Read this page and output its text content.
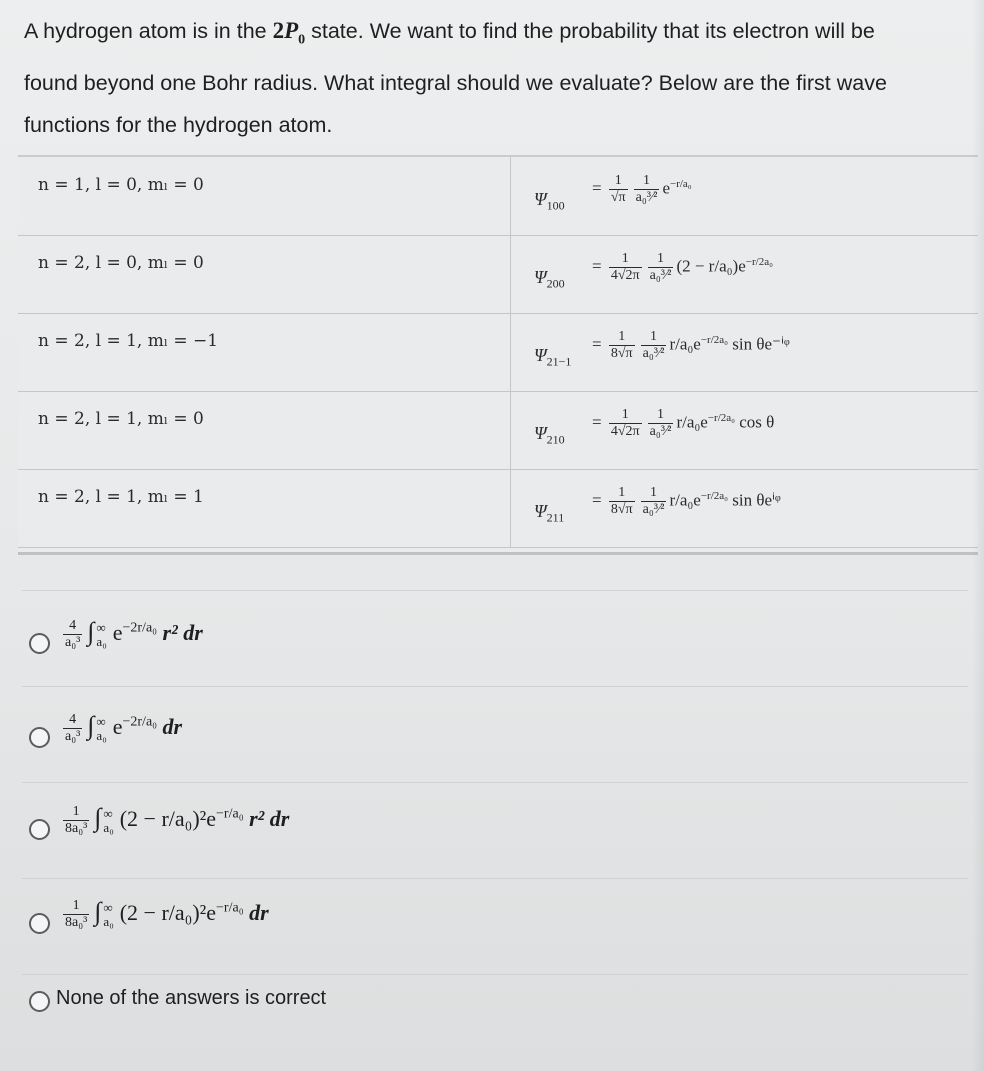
A hydrogen atom is in the $2P_0$ state. We want to find the probability that its electron will be found beyond one Bohr radius. What integral should we evaluate? Below are the first wave functions for the hydrogen atom.

n = 1, l = 0, mₗ = 0
$\Psi_{100}$
= $\frac{1}{√\pi} \frac{1}{\text{a₀³⁄²}} e^{-r/a_0}$
n = 2, l = 0, mₗ = 0
$\Psi_{200}$
= $\frac{1}{4√2\pi} \frac{1}{\text{a₀³⁄²}} (2 - r/a_0)e^{-r/2a_0}$
n = 2, l = 1, mₗ = −1
$\Psi_{21-1}$
= $\frac{1}{8√\pi} \frac{1}{\text{a₀³⁄²}} r/a_0e^{-r/2a_0}$ sin θe⁻ⁱᵠ
n = 2, l = 1, mₗ = 0
$\Psi_{210}$
= $\frac{1}{4√2\pi} \frac{1}{\text{a₀³⁄²}} r/a_0e^{-r/2a_0}$ cos θ
n = 2, l = 1, mₗ = 1
$\Psi_{211}$
= $\frac{1}{8√\pi} \frac{1}{\text{a₀³⁄²}} r/a_0e^{-r/2a_0}$ sin θeⁱᵠ
$\frac{4}{\text{a₀³}}$ ∫ ∞
a₀ $e^{-2r/a_0}$ r² dr
$\frac{4}{\text{a₀³}}$ ∫ ∞
a₀ $e^{-2r/a_0}$ dr
$\frac{1}{\text{8a₀³}}$ ∫ ∞
a₀ $(2 - r/a_0)^2e^{-r/a_0}$ r² dr
$\frac{1}{\text{8a₀³}}$ ∫ ∞
a₀ $(2 - r/a_0)^2e^{-r/a_0}$ dr
None of the answers is correct
